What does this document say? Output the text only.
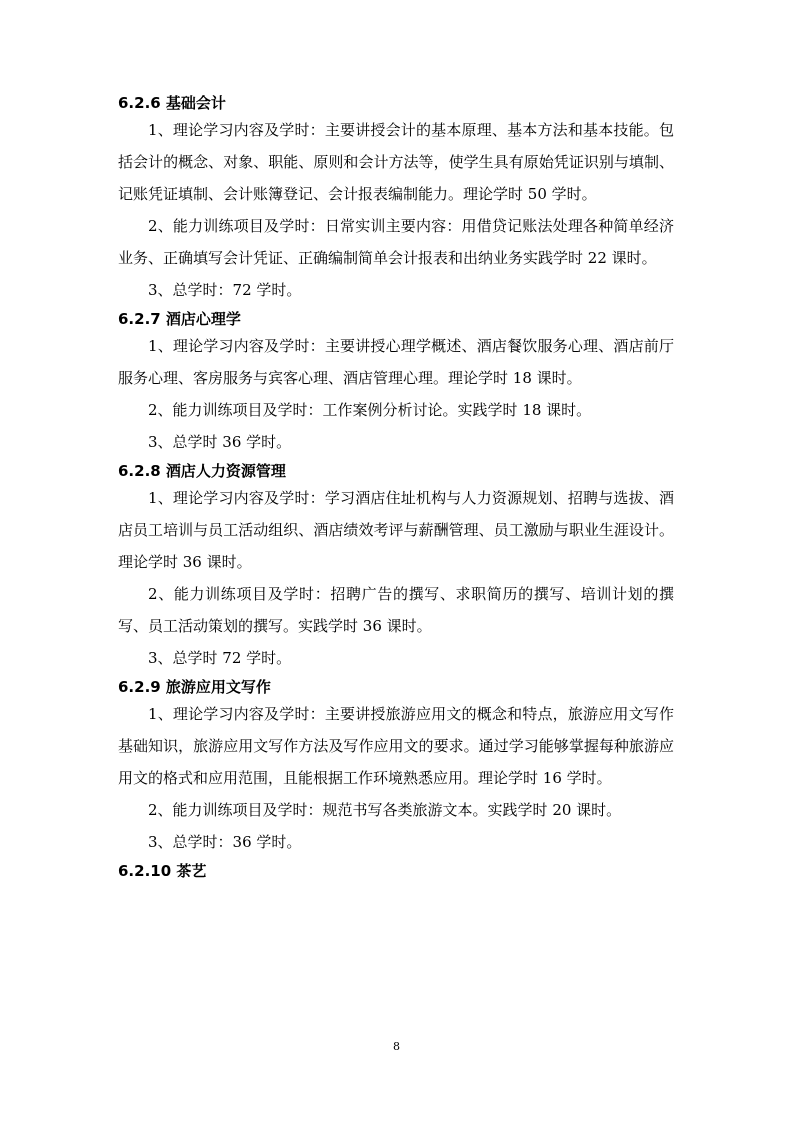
6.2.6 基础会计

1、理论学习内容及学时：主要讲授会计的基本原理、基本方法和基本技能。包括会计的概念、对象、职能、原则和会计方法等，使学生具有原始凭证识别与填制、记账凭证填制、会计账簿登记、会计报表编制能力。理论学时 50 学时。

2、能力训练项目及学时：日常实训主要内容：用借贷记账法处理各种简单经济业务、正确填写会计凭证、正确编制简单会计报表和出纳业务实践学时 22 课时。

3、总学时：72 学时。

6.2.7 酒店心理学

1、理论学习内容及学时：主要讲授心理学概述、酒店餐饮服务心理、酒店前厅服务心理、客房服务与宾客心理、酒店管理心理。理论学时 18 课时。

2、能力训练项目及学时：工作案例分析讨论。实践学时 18 课时。

3、总学时 36 学时。

6.2.8 酒店人力资源管理

1、理论学习内容及学时：学习酒店住址机构与人力资源规划、招聘与选拔、酒店员工培训与员工活动组织、酒店绩效考评与薪酬管理、员工激励与职业生涯设计。理论学时 36 课时。

2、能力训练项目及学时：招聘广告的撰写、求职简历的撰写、培训计划的撰写、员工活动策划的撰写。实践学时 36 课时。

3、总学时 72 学时。

6.2.9 旅游应用文写作

1、理论学习内容及学时：主要讲授旅游应用文的概念和特点，旅游应用文写作基础知识，旅游应用文写作方法及写作应用文的要求。通过学习能够掌握每种旅游应用文的格式和应用范围，且能根据工作环境熟悉应用。理论学时 16 学时。

2、能力训练项目及学时：规范书写各类旅游文本。实践学时 20 课时。

3、总学时：36 学时。

6.2.10 茶艺
8
